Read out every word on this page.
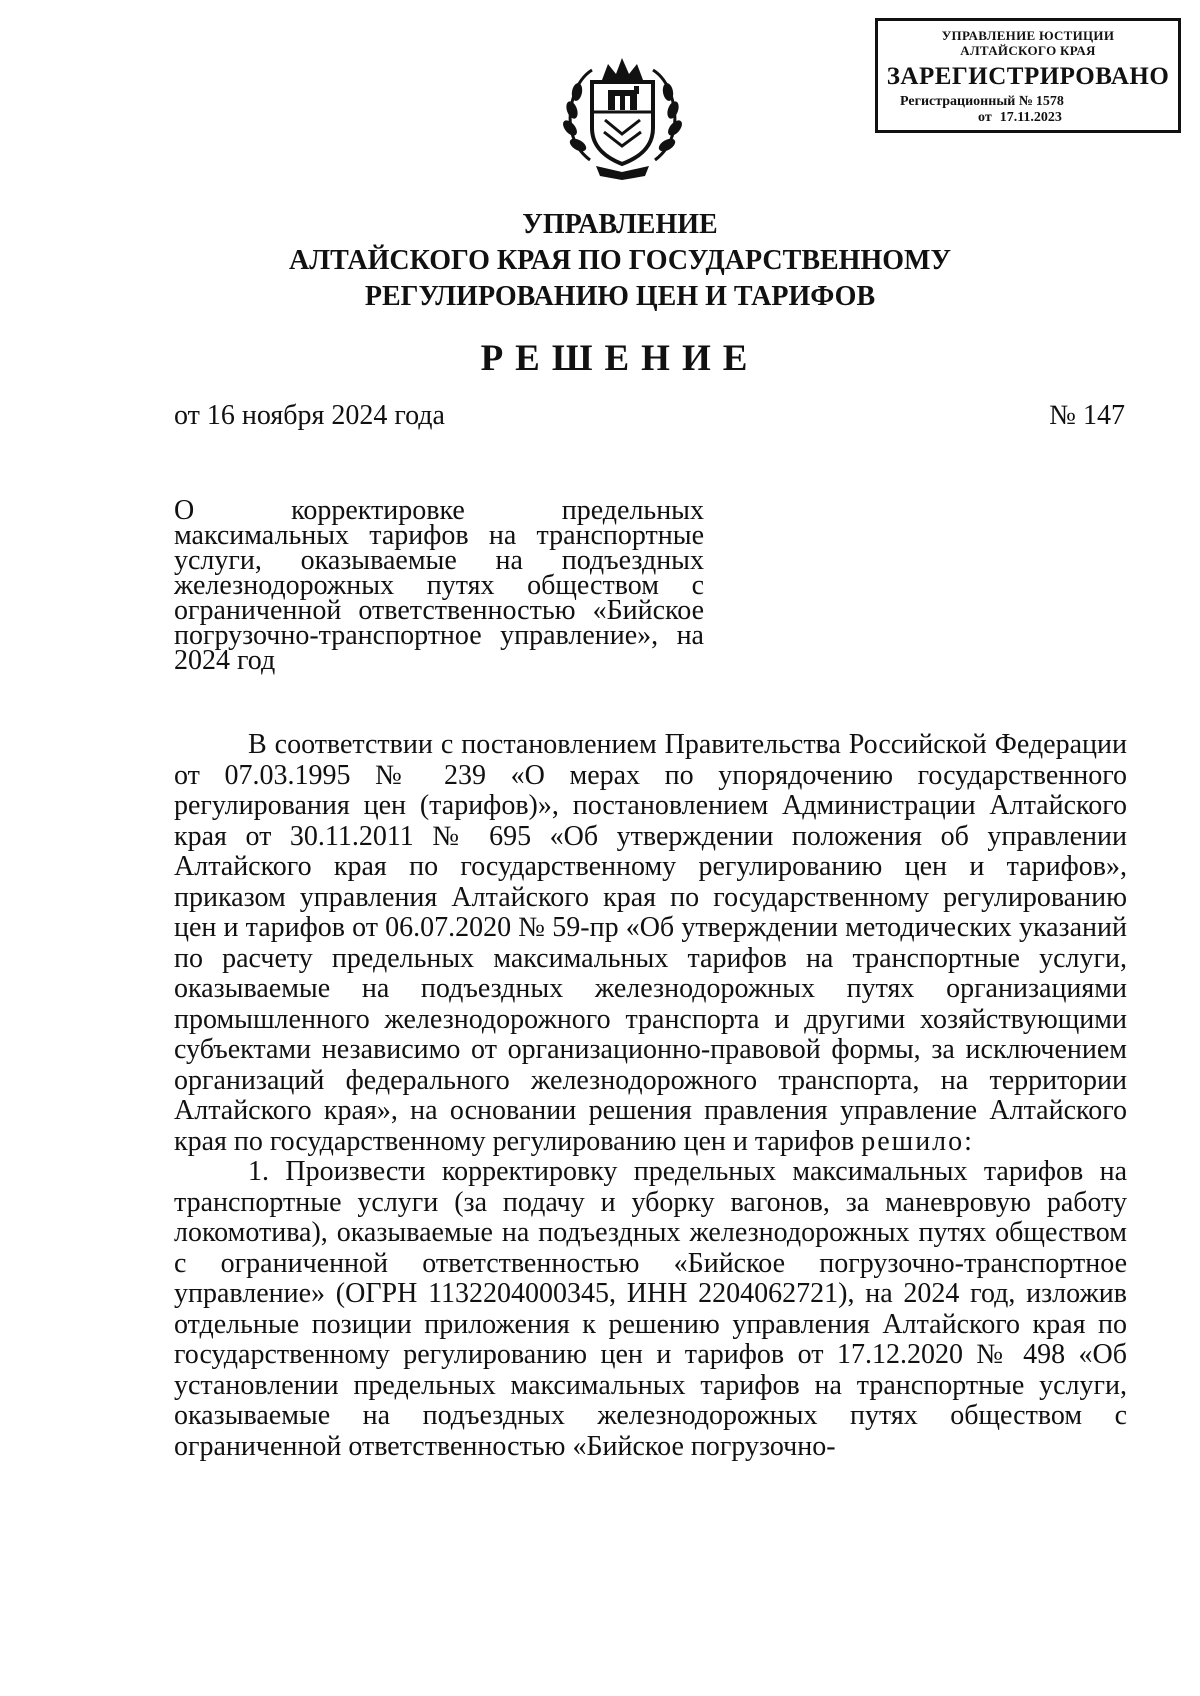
УПРАВЛЕНИЕ ЮСТИЦИИ
АЛТАЙСКОГО КРАЯ
ЗАРЕГИСТРИРОВАНО
Регистрационный № 1578
от 17.11.2023
УПРАВЛЕНИЕ
АЛТАЙСКОГО КРАЯ ПО ГОСУДАРСТВЕННОМУ
РЕГУЛИРОВАНИЮ ЦЕН И ТАРИФОВ
РЕШЕНИЕ
от 16 ноября 2024 года	№ 147
О корректировке предельных максимальных тарифов на транспортные услуги, оказываемые на подъездных железнодорожных путях обществом с ограниченной ответственностью «Бийское погрузочно-транспортное управление», на 2024 год

В соответствии с постановлением Правительства Российской Федерации от 07.03.1995 № 239 «О мерах по упорядочению государственного регулирования цен (тарифов)», постановлением Администрации Алтайского края от 30.11.2011 № 695 «Об утверждении положения об управлении Алтайского края по государственному регулированию цен и тарифов», приказом управления Алтайского края по государственному регулированию цен и тарифов от 06.07.2020 № 59-пр «Об утверждении методических указаний по расчету предельных максимальных тарифов на транспортные услуги, оказываемые на подъездных железнодорожных путях организациями промышленного железнодорожного транспорта и другими хозяйствующими субъектами независимо от организационно-правовой формы, за исключением организаций федерального железнодорожного транспорта, на территории Алтайского края», на основании решения правления управление Алтайского края по государственному регулированию цен и тарифов решило:

1. Произвести корректировку предельных максимальных тарифов на транспортные услуги (за подачу и уборку вагонов, за маневровую работу локомотива), оказываемые на подъездных железнодорожных путях обществом с ограниченной ответственностью «Бийское погрузочно-транспортное управление» (ОГРН 1132204000345, ИНН 2204062721), на 2024 год, изложив отдельные позиции приложения к решению управления Алтайского края по государственному регулированию цен и тарифов от 17.12.2020 № 498 «Об установлении предельных максимальных тарифов на транспортные услуги, оказываемые на подъездных железнодорожных путях обществом с ограниченной ответственностью «Бийское погрузочно-
